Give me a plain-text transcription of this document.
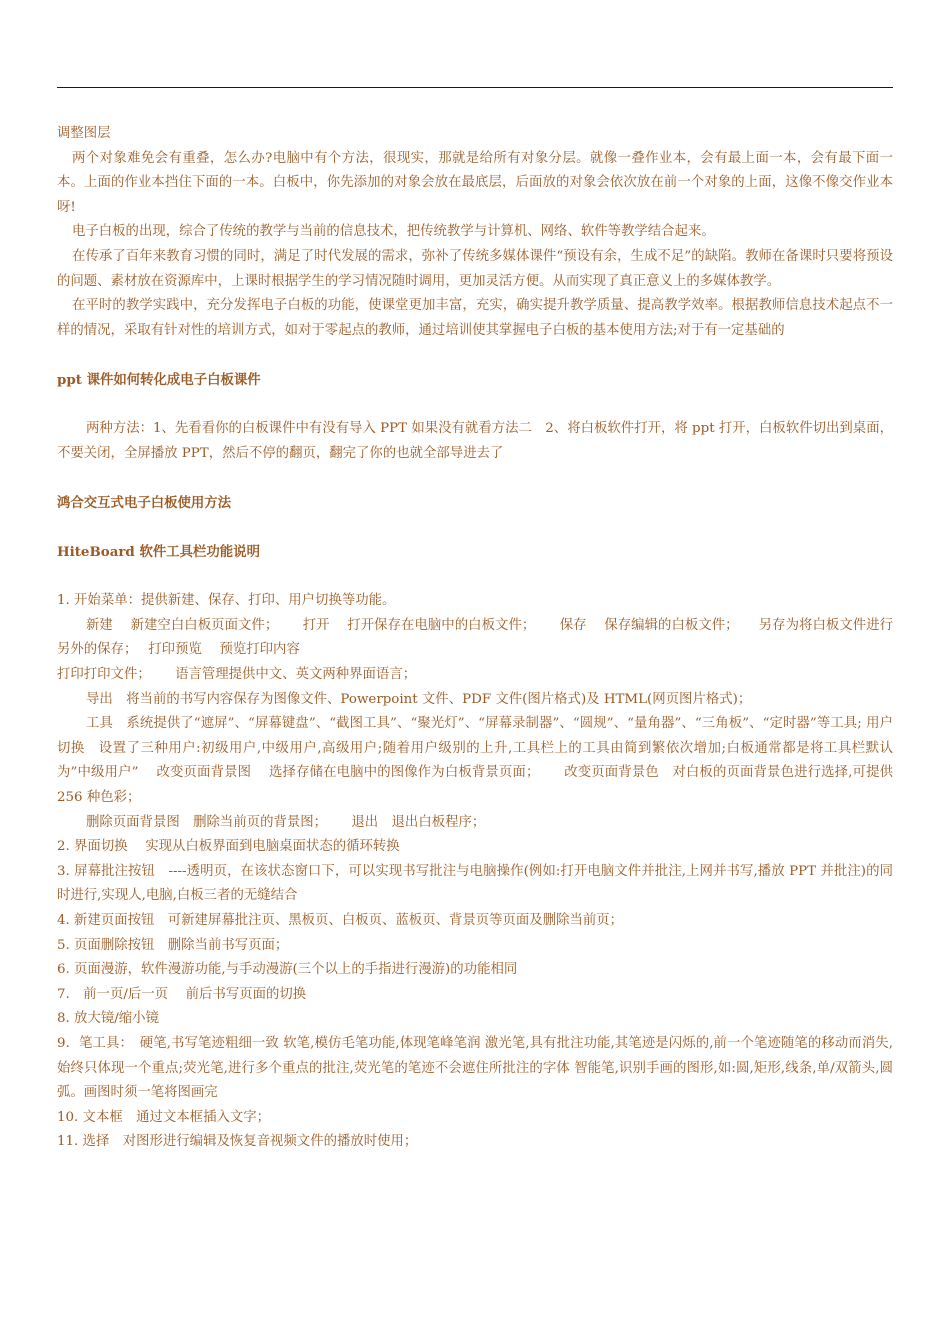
调整图层

两个对象难免会有重叠，怎么办?电脑中有个方法，很现实，那就是给所有对象分层。就像一叠作业本，会有最上面一本，会有最下面一本。上面的作业本挡住下面的一本。白板中，你先添加的对象会放在最底层，后面放的对象会依次放在前一个对象的上面，这像不像交作业本呀!

电子白板的出现，综合了传统的教学与当前的信息技术，把传统教学与计算机、网络、软件等教学结合起来。

在传承了百年来教育习惯的同时，满足了时代发展的需求，弥补了传统多媒体课件“预设有余，生成不足”的缺陷。教师在备课时只要将预设的问题、素材放在资源库中，上课时根据学生的学习情况随时调用，更加灵活方便。从而实现了真正意义上的多媒体教学。

在平时的教学实践中，充分发挥电子白板的功能，使课堂更加丰富，充实，确实提升教学质量、提高教学效率。根据教师信息技术起点不一样的情况，采取有针对性的培训方式，如对于零起点的教师，通过培训使其掌握电子白板的基本使用方法;对于有一定基础的

ppt 课件如何转化成电子白板课件

两种方法：1、先看看你的白板课件中有没有导入 PPT 如果没有就看方法二　2、将白板软件打开，将 ppt 打开，白板软件切出到桌面，不要关闭，全屏播放 PPT，然后不停的翻页，翻完了你的也就全部导进去了

鸿合交互式电子白板使用方法

HiteBoard 软件工具栏功能说明

1. 开始菜单：提供新建、保存、打印、用户切换等功能。

新建　 新建空白白板页面文件；　　 打开　 打开保存在电脑中的白板文件；　　 保存　 保存编辑的白板文件；　　另存为将白板文件进行另外的保存；　 打印预览　 预览打印内容

打印打印文件；　　 语言管理提供中文、英文两种界面语言；

导出　将当前的书写内容保存为图像文件、Powerpoint 文件、PDF 文件(图片格式)及 HTML(网页图片格式)；

工具　系统提供了“遮屏”、“屏幕键盘”、“截图工具”、“聚光灯”、“屏幕录制器”、“圆规”、“量角器”、“三角板”、“定时器”等工具; 用户切换　设置了三种用户:初级用户,中级用户,高级用户;随着用户级别的上升,工具栏上的工具由简到繁依次增加;白板通常都是将工具栏默认为”中级用户”　 改变页面背景图　 选择存储在电脑中的图像作为白板背景页面；　　 改变页面背景色　对白板的页面背景色进行选择,可提供 256 种色彩；

删除页面背景图　删除当前页的背景图；　　 退出　退出白板程序；

2. 界面切换　 实现从白板界面到电脑桌面状态的循环转换

3. 屏幕批注按钮　----透明页，在该状态窗口下，可以实现书写批注与电脑操作(例如:打开电脑文件并批注,上网并书写,播放 PPT 并批注)的同时进行,实现人,电脑,白板三者的无缝结合

4. 新建页面按钮　可新建屏幕批注页、黑板页、白板页、蓝板页、背景页等页面及删除当前页；

5. 页面删除按钮　删除当前书写页面；

6. 页面漫游，软件漫游功能,与手动漫游(三个以上的手指进行漫游)的功能相同

7.　前一页/后一页　 前后书写页面的切换

8. 放大镜/缩小镜

9．笔工具：　硬笔,书写笔迹粗细一致 软笔,模仿毛笔功能,体现笔峰笔润 激光笔,具有批注功能,其笔迹是闪烁的,前一个笔迹随笔的移动而消失,始终只体现一个重点;荧光笔,进行多个重点的批注,荧光笔的笔迹不会遮住所批注的字体 智能笔,识别手画的图形,如:圆,矩形,线条,单/双箭头,圆弧。画图时须一笔将图画完

10. 文本框　通过文本框插入文字；

11. 选择　对图形进行编辑及恢复音视频文件的播放时使用；
